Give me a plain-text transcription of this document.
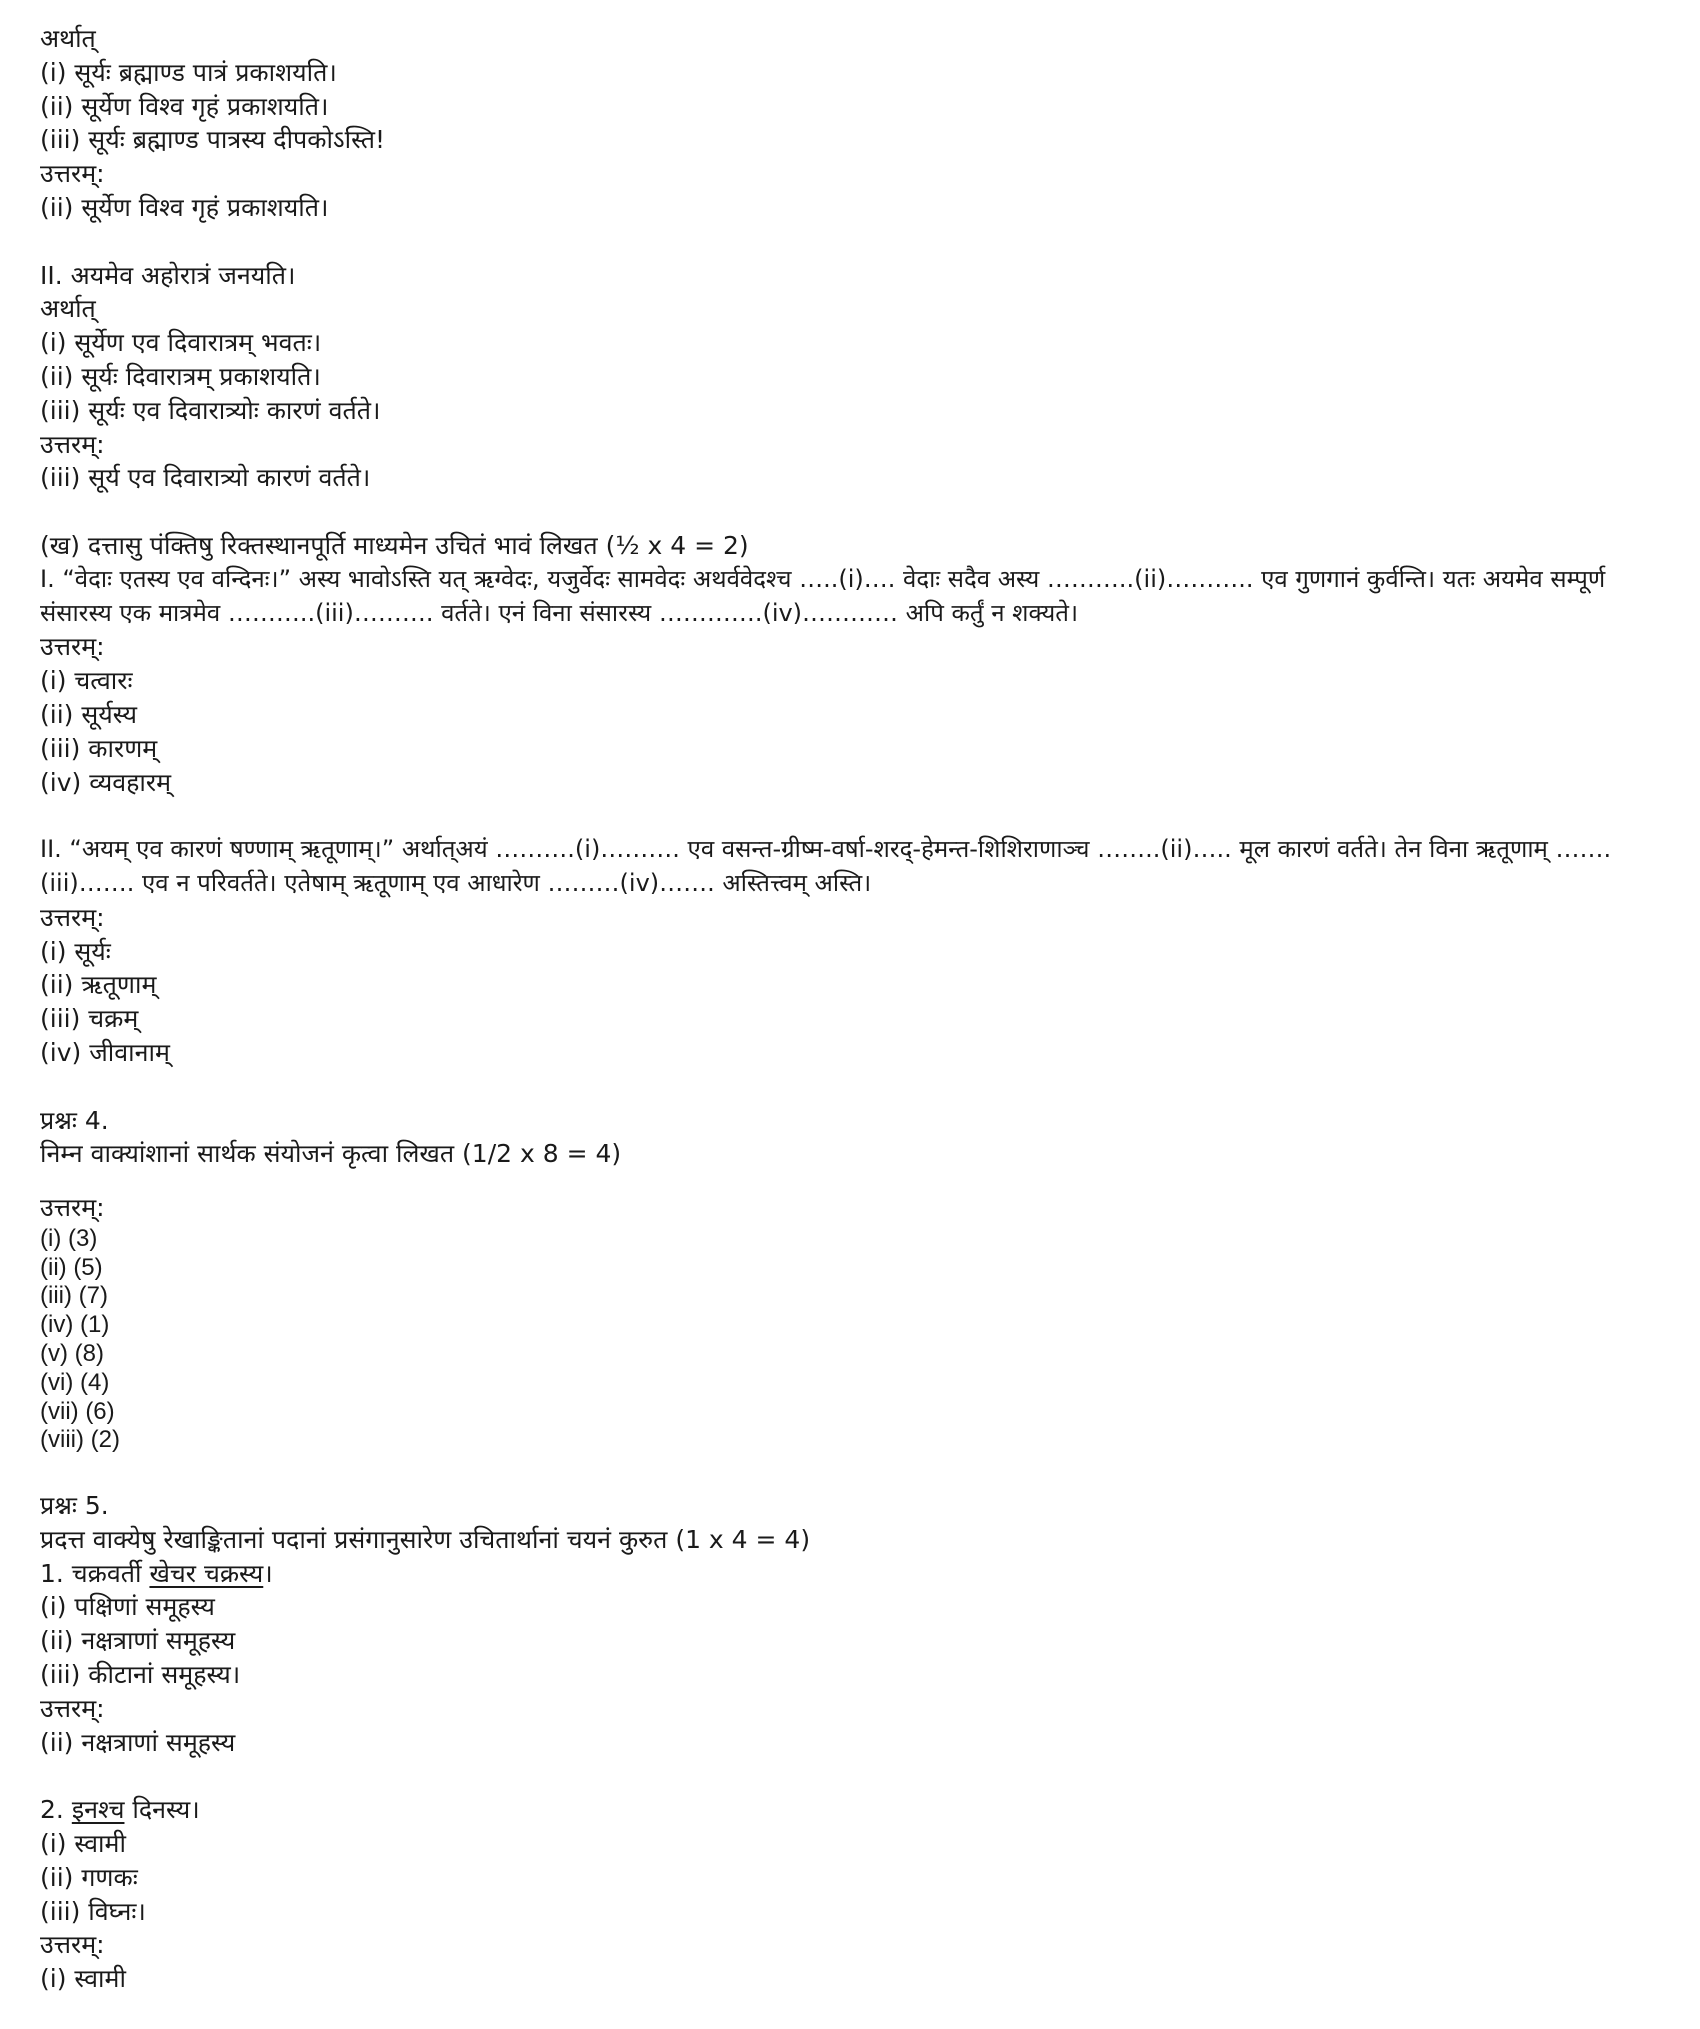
अर्थात्

(i) सूर्यः ब्रह्माण्ड पात्रं प्रकाशयति।

(ii) सूर्येण विश्व गृहं प्रकाशयति।

(iii) सूर्यः ब्रह्माण्ड पात्रस्य दीपकोऽस्ति!

उत्तरम्:

(ii) सूर्येण विश्व गृहं प्रकाशयति।

II. अयमेव अहोरात्रं जनयति।

अर्थात्

(i) सूर्येण एव दिवारात्रम् भवतः।

(ii) सूर्यः दिवारात्रम् प्रकाशयति।

(iii) सूर्यः एव दिवारात्र्योः कारणं वर्तते।

उत्तरम्:

(iii) सूर्य एव दिवारात्र्यो कारणं वर्तते।

(ख) दत्तासु पंक्तिषु रिक्तस्थानपूर्ति माध्यमेन उचितं भावं लिखत (½ x 4 = 2)

I. “वेदाः एतस्य एव वन्दिनः।” अस्य भावोऽस्ति यत् ऋग्वेदः, यजुर्वेदः सामवेदः अथर्ववेदश्च …..(i)…. वेदाः सदैव अस्य ………..(ii)……….. एव गुणगानं कुर्वन्ति। यतः अयमेव सम्पूर्ण संसारस्य एक मात्रमेव ………..(iii)………. वर्तते। एनं विना संसारस्य ………….(iv)………… अपि कर्तुं न शक्यते।

उत्तरम्:

(i) चत्वारः

(ii) सूर्यस्य

(iii) कारणम्

(iv) व्यवहारम्

II. “अयम् एव कारणं षण्णाम् ऋतूणाम्।” अर्थात्अयं ……….(i)………. एव वसन्त-ग्रीष्म-वर्षा-शरद्-हेमन्त-शिशिराणाञ्च ……..(ii)….. मूल कारणं वर्तते। तेन विना ऋतूणाम् …….(iii)……. एव न परिवर्तते। एतेषाम् ऋतूणाम् एव आधारेण ………(iv)……. अस्तित्त्वम् अस्ति।

उत्तरम्:

(i) सूर्यः

(ii) ऋतूणाम्

(iii) चक्रम्

(iv) जीवानाम्

प्रश्नः 4.

निम्न वाक्यांशानां सार्थक संयोजनं कृत्वा लिखत (1/2 x 8 = 4)

उत्तरम्:

(i) (3)

(ii) (5)

(iii) (7)

(iv) (1)

(v) (8)

(vi) (4)

(vii) (6)

(viii) (2)

प्रश्नः 5.

प्रदत्त वाक्येषु रेखाङ्कितानां पदानां प्रसंगानुसारेण उचितार्थानां चयनं कुरुत (1 x 4 = 4)

1. चक्रवर्ती खेचर चक्रस्य।

(i) पक्षिणां समूहस्य

(ii) नक्षत्राणां समूहस्य

(iii) कीटानां समूहस्य।

उत्तरम्:

(ii) नक्षत्राणां समूहस्य

2. इनश्च दिनस्य।

(i) स्वामी

(ii) गणकः

(iii) विघ्नः।

उत्तरम्:

(i) स्वामी
